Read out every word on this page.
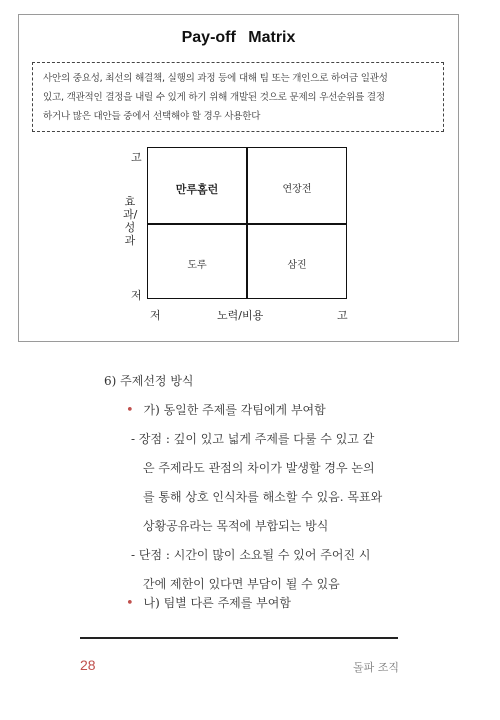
Pay-off Matrix
사안의 중요성, 최선의 해결책, 실행의 과정 등에 대해 팀 또는 개인으로 하여금 일관성
있고, 객관적인 결정을 내릴 수 있게 하기 위해 개발된 것으로 문제의 우선순위를 결정
하거나 많은 대안들 중에서 선택해야 할 경우 사용한다
고
효과/성과
저
만루홈런	연장전
도루	삼진
저	노력/비용	고
6) 주제선정 방식
• 가) 동일한 주제를 각팀에게 부여함
- 장점 : 깊이 있고 넓게 주제를 다룰 수 있고 같
은 주제라도 관점의 차이가 발생할 경우 논의
를 통해 상호 인식차를 해소할 수 있음. 목표와
상황공유라는 목적에 부합되는 방식
- 단점 : 시간이 많이 소요될 수 있어 주어진 시
간에 제한이 있다면 부담이 될 수 있음
• 나) 팀별 다른 주제를 부여함
28	돌파 조직
